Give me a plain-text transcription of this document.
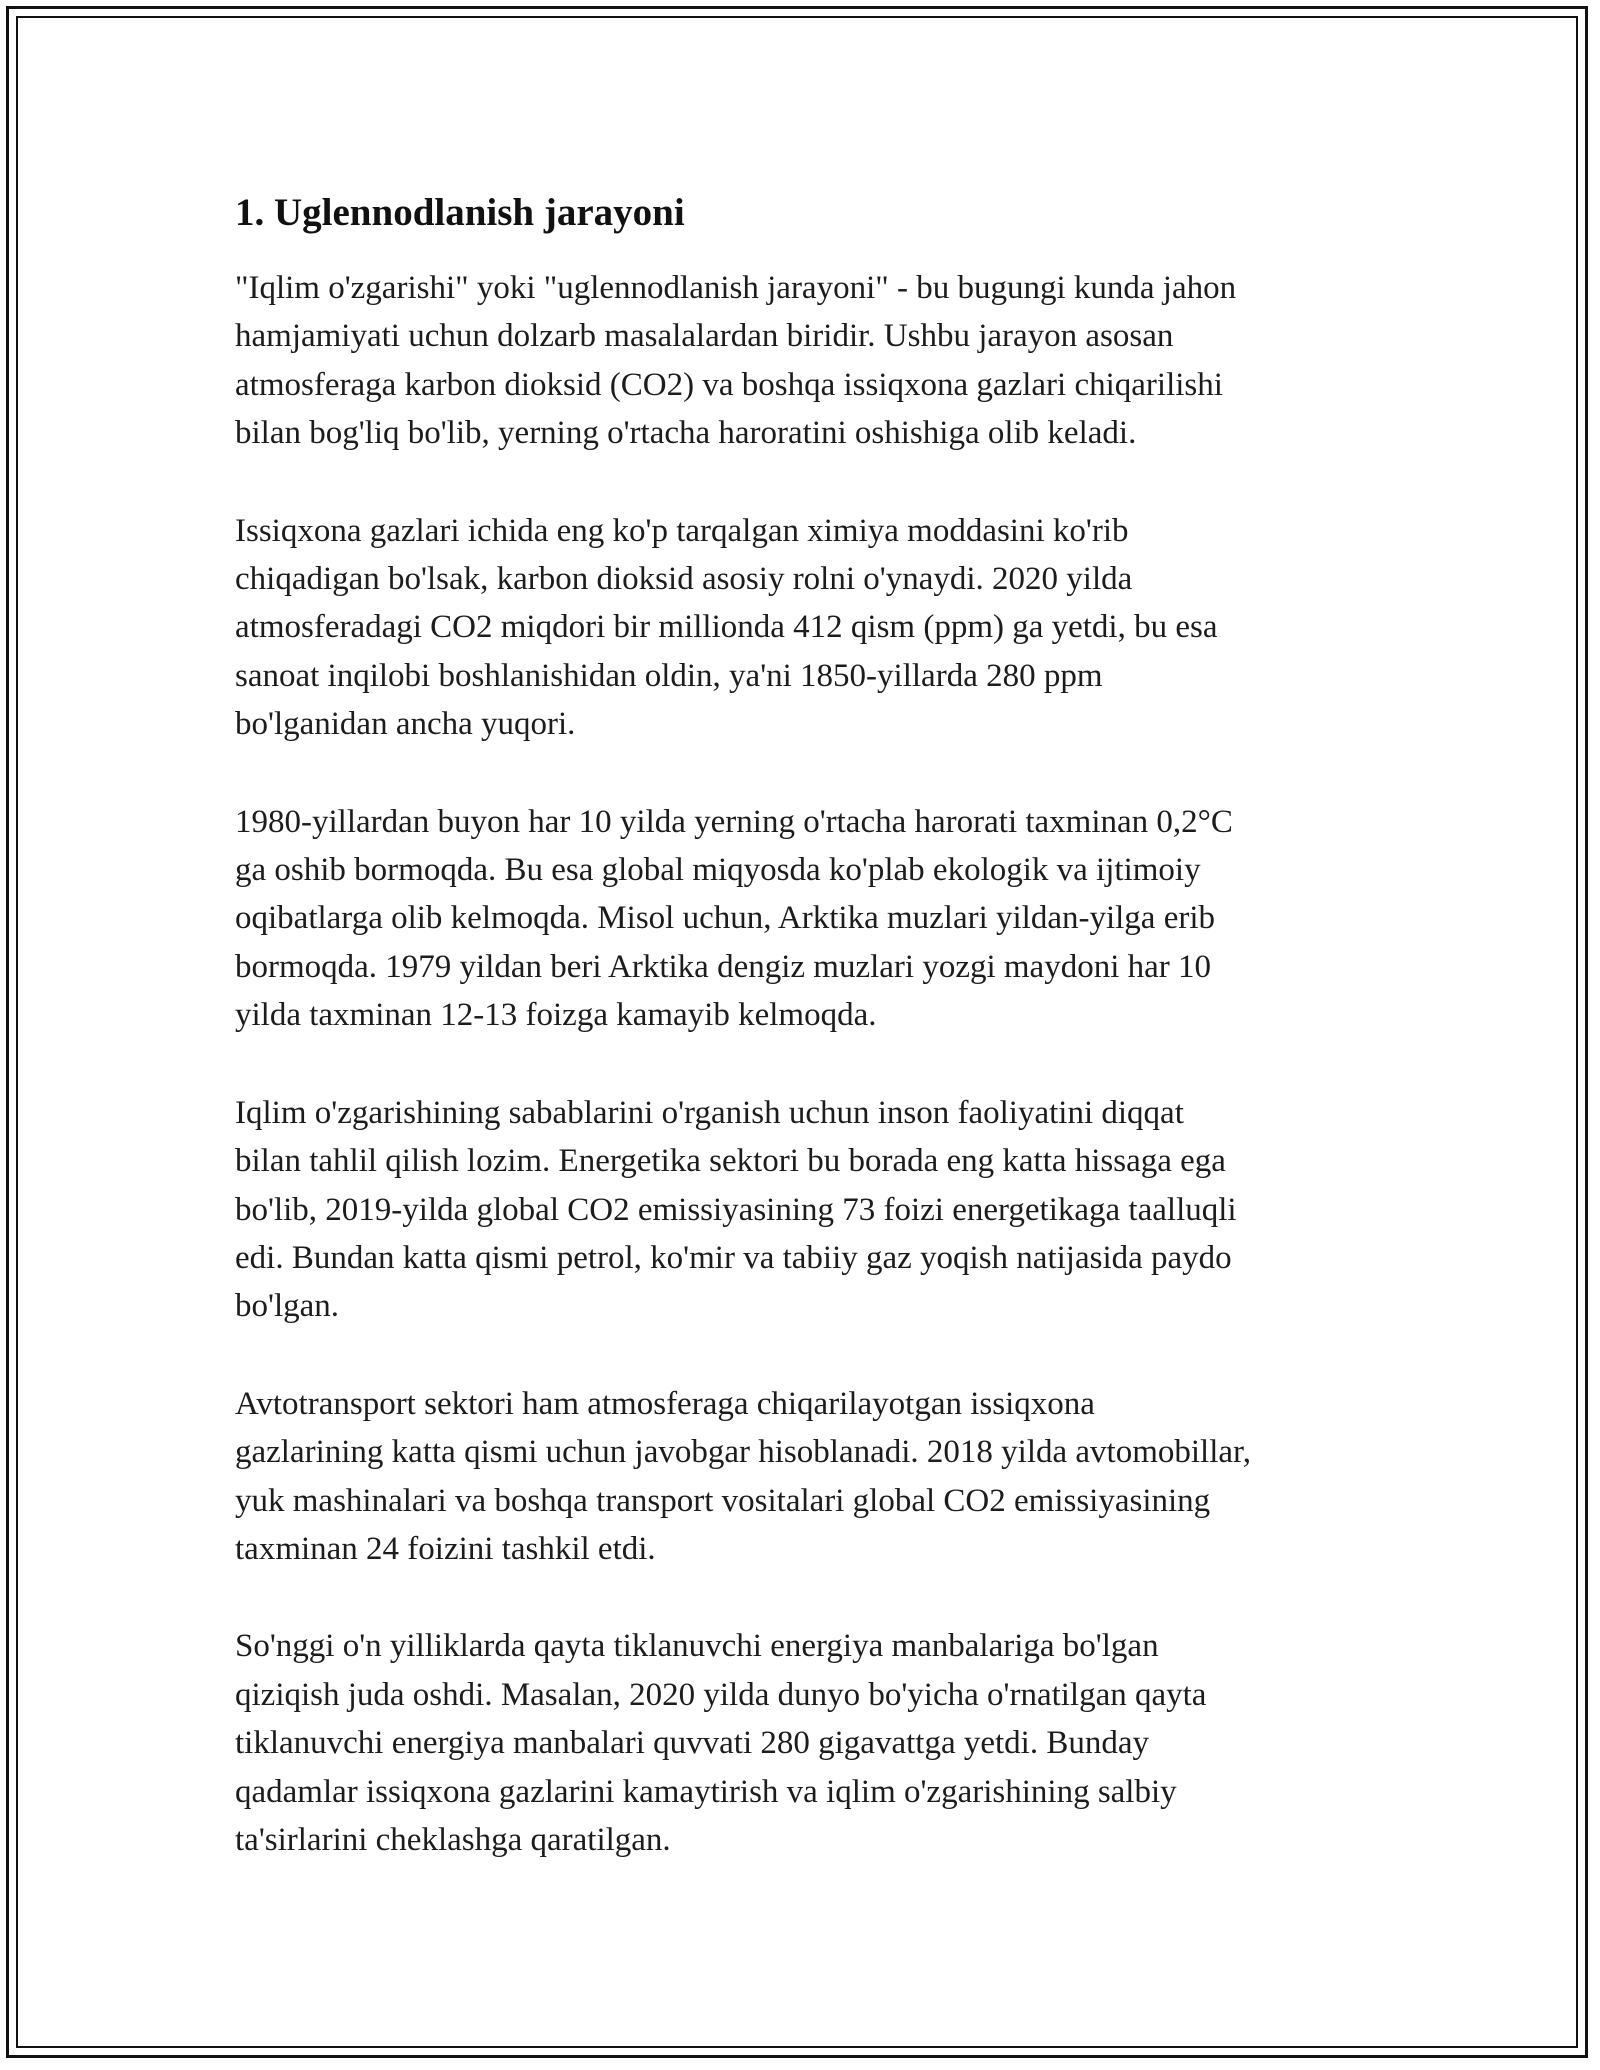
1. Uglennodlanish jarayoni

"Iqlim o'zgarishi" yoki "uglennodlanish jarayoni" - bu bugungi kunda jahon
hamjamiyati uchun dolzarb masalalardan biridir. Ushbu jarayon asosan
atmosferaga karbon dioksid (CO2) va boshqa issiqxona gazlari chiqarilishi
bilan bog'liq bo'lib, yerning o'rtacha haroratini oshishiga olib keladi.

Issiqxona gazlari ichida eng ko'p tarqalgan ximiya moddasini ko'rib
chiqadigan bo'lsak, karbon dioksid asosiy rolni o'ynaydi. 2020 yilda
atmosferadagi CO2 miqdori bir millionda 412 qism (ppm) ga yetdi, bu esa
sanoat inqilobi boshlanishidan oldin, ya'ni 1850-yillarda 280 ppm
bo'lganidan ancha yuqori.

1980-yillardan buyon har 10 yilda yerning o'rtacha harorati taxminan 0,2°C
ga oshib bormoqda. Bu esa global miqyosda ko'plab ekologik va ijtimoiy
oqibatlarga olib kelmoqda. Misol uchun, Arktika muzlari yildan-yilga erib
bormoqda. 1979 yildan beri Arktika dengiz muzlari yozgi maydoni har 10
yilda taxminan 12-13 foizga kamayib kelmoqda.

Iqlim o'zgarishining sabablarini o'rganish uchun inson faoliyatini diqqat
bilan tahlil qilish lozim. Energetika sektori bu borada eng katta hissaga ega
bo'lib, 2019-yilda global CO2 emissiyasining 73 foizi energetikaga taalluqli
edi. Bundan katta qismi petrol, ko'mir va tabiiy gaz yoqish natijasida paydo
bo'lgan.

Avtotransport sektori ham atmosferaga chiqarilayotgan issiqxona
gazlarining katta qismi uchun javobgar hisoblanadi. 2018 yilda avtomobillar,
yuk mashinalari va boshqa transport vositalari global CO2 emissiyasining
taxminan 24 foizini tashkil etdi.

So'nggi o'n yilliklarda qayta tiklanuvchi energiya manbalariga bo'lgan
qiziqish juda oshdi. Masalan, 2020 yilda dunyo bo'yicha o'rnatilgan qayta
tiklanuvchi energiya manbalari quvvati 280 gigavattga yetdi. Bunday
qadamlar issiqxona gazlarini kamaytirish va iqlim o'zgarishining salbiy
ta'sirlarini cheklashga qaratilgan.
